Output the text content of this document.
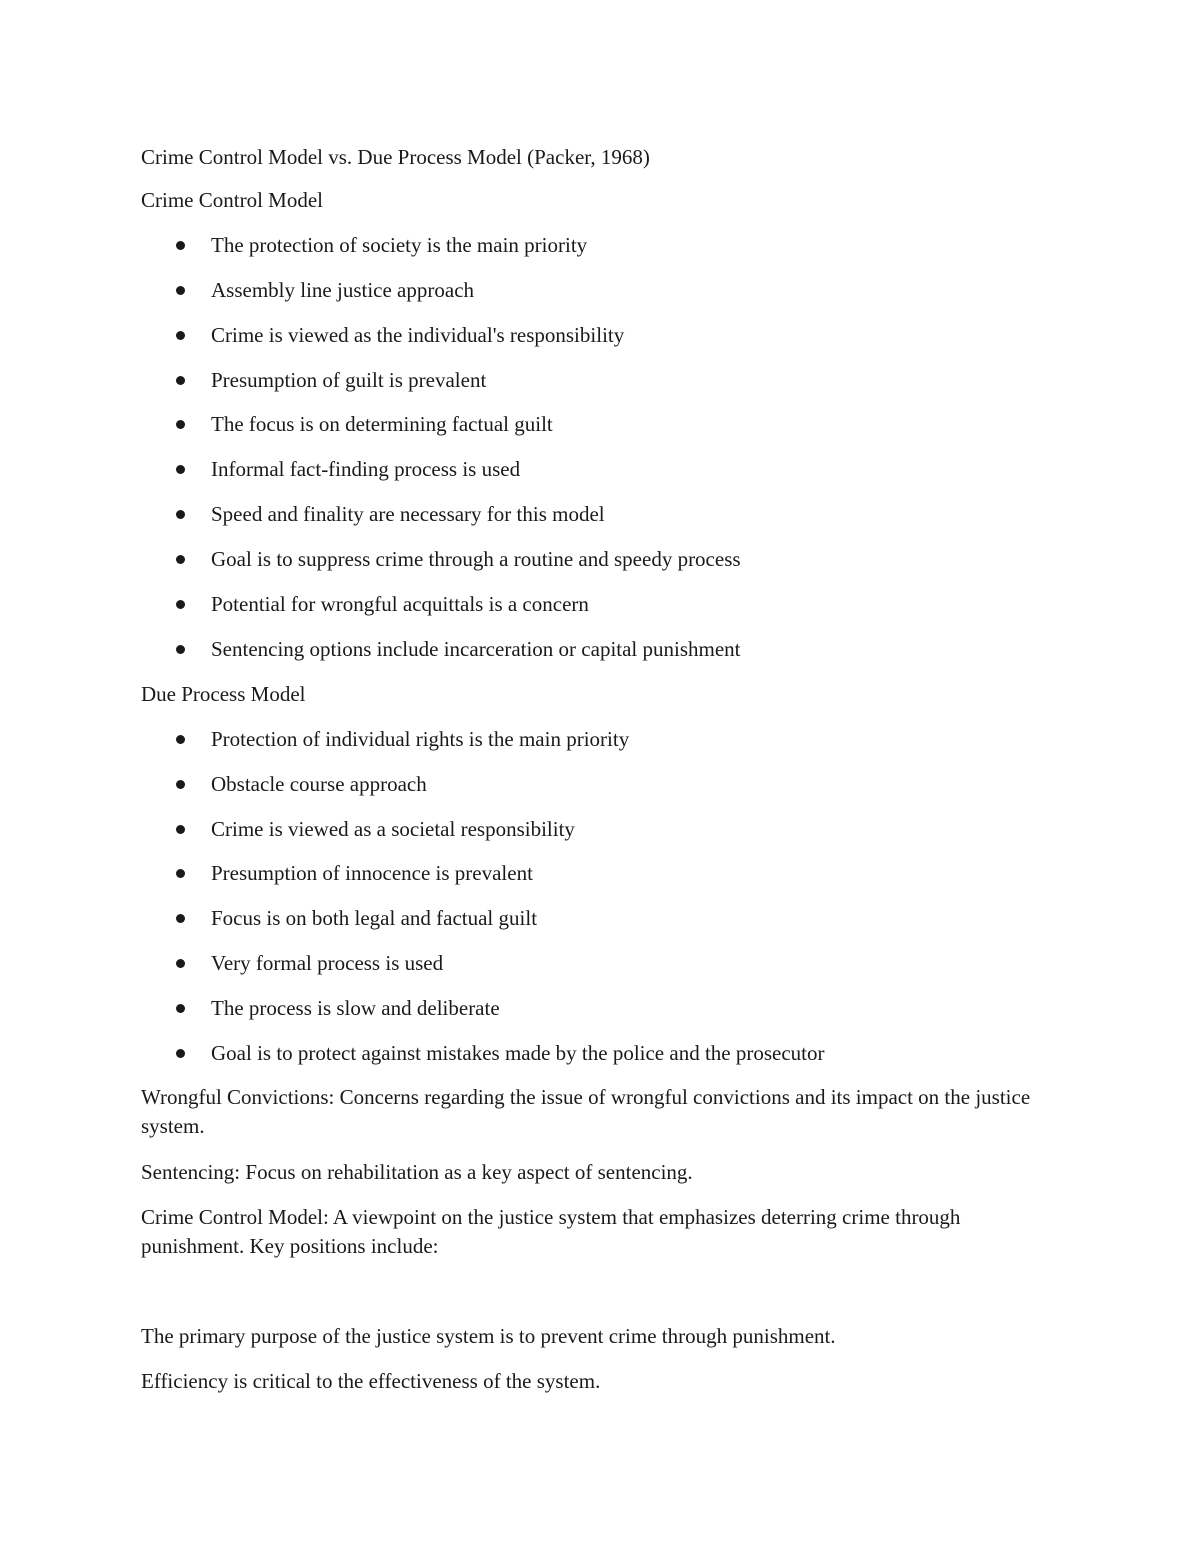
Crime Control Model vs. Due Process Model (Packer, 1968)
Crime Control Model
The protection of society is the main priority
Assembly line justice approach
Crime is viewed as the individual's responsibility
Presumption of guilt is prevalent
The focus is on determining factual guilt
Informal fact-finding process is used
Speed and finality are necessary for this model
Goal is to suppress crime through a routine and speedy process
Potential for wrongful acquittals is a concern
Sentencing options include incarceration or capital punishment
Due Process Model
Protection of individual rights is the main priority
Obstacle course approach
Crime is viewed as a societal responsibility
Presumption of innocence is prevalent
Focus is on both legal and factual guilt
Very formal process is used
The process is slow and deliberate
Goal is to protect against mistakes made by the police and the prosecutor
Wrongful Convictions: Concerns regarding the issue of wrongful convictions and its impact on the justice system.
Sentencing: Focus on rehabilitation as a key aspect of sentencing.
Crime Control Model: A viewpoint on the justice system that emphasizes deterring crime through punishment. Key positions include:
The primary purpose of the justice system is to prevent crime through punishment.
Efficiency is critical to the effectiveness of the system.
